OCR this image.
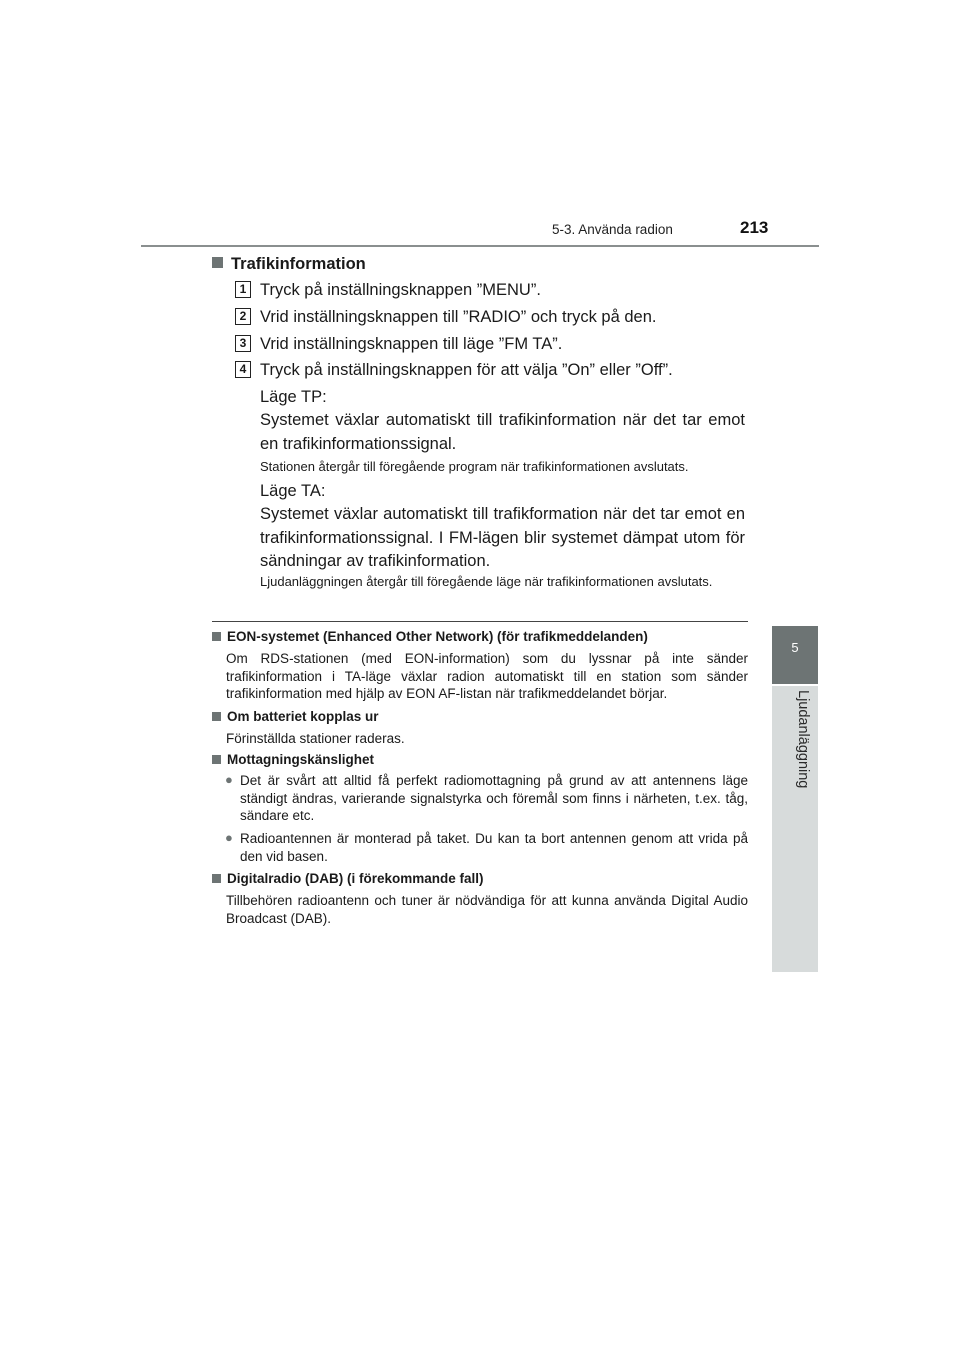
5-3. Använda radion	213
5
Ljudanläggning
Trafikinformation
1 Tryck på inställningsknappen ”MENU”.
2 Vrid inställningsknappen till ”RADIO” och tryck på den.
3 Vrid inställningsknappen till läge ”FM TA”.
4 Tryck på inställningsknappen för att välja ”On” eller ”Off”.
Läge TP:
Systemet växlar automatiskt till trafikinformation när det tar emot en trafikinformationssignal.
Stationen återgår till föregående program när trafikinformationen avslutats.
Läge TA:
Systemet växlar automatiskt till trafikformation när det tar emot en trafikinformationssignal. I FM-lägen blir systemet dämpat utom för sändningar av trafikinformation.
Ljudanläggningen återgår till föregående läge när trafikinformationen avslutats.
EON-systemet (Enhanced Other Network) (för trafikmeddelanden)
Om RDS-stationen (med EON-information) som du lyssnar på inte sänder trafikinformation i TA-läge växlar radion automatiskt till en station som sänder trafikinformation med hjälp av EON AF-listan när trafikmeddelandet börjar.
Om batteriet kopplas ur
Förinställda stationer raderas.
Mottagningskänslighet
● Det är svårt att alltid få perfekt radiomottagning på grund av att antennens läge ständigt ändras, varierande signalstyrka och föremål som finns i närheten, t.ex. tåg, sändare etc.
● Radioantennen är monterad på taket. Du kan ta bort antennen genom att vrida på den vid basen.
Digitalradio (DAB) (i förekommande fall)
Tillbehören radioantenn och tuner är nödvändiga för att kunna använda Digital Audio Broadcast (DAB).
